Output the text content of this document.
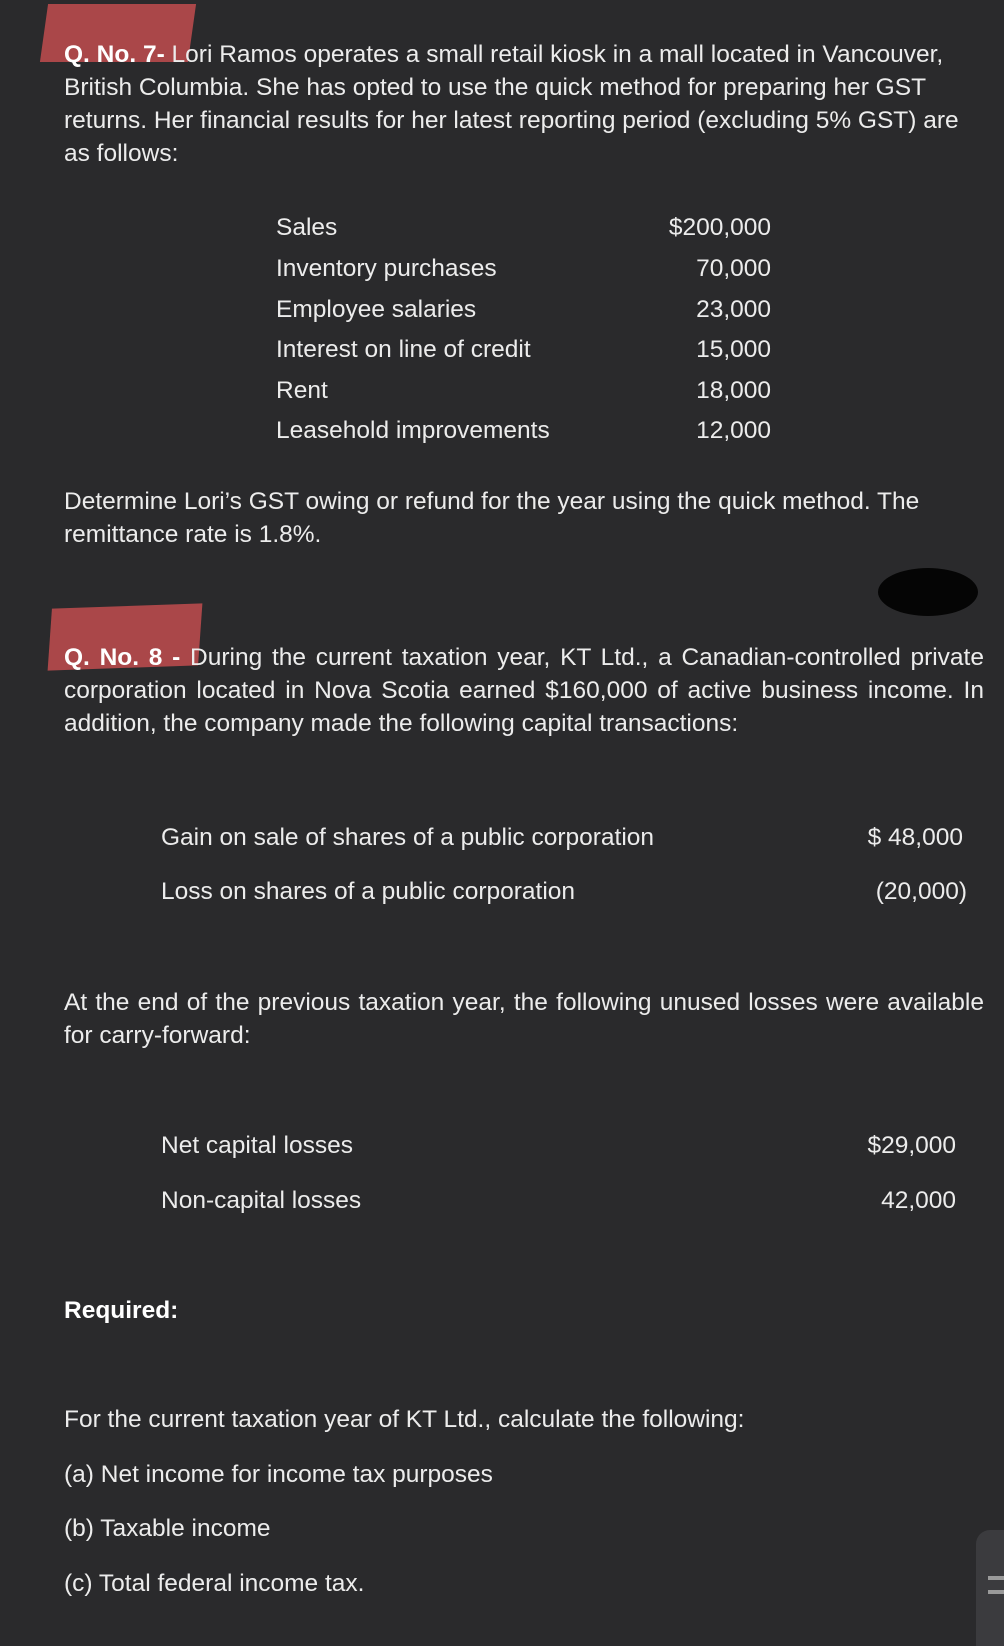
Q. No. 7- Lori Ramos operates a small retail kiosk in a mall located in Vancouver, British Columbia. She has opted to use the quick method for preparing her GST returns. Her financial results for her latest reporting period (excluding 5% GST) are as follows:
Sales	$200,000
Inventory purchases	70,000
Employee salaries	23,000
Interest on line of credit	15,000
Rent	18,000
Leasehold improvements	12,000
Determine Lori’s GST owing or refund for the year using the quick method. The remittance rate is 1.8%.
Q. No. 8 - During the current taxation year, KT Ltd., a Canadian-controlled private corporation located in Nova Scotia earned $160,000 of active business income. In addition, the company made the following capital transactions:
Gain on sale of shares of a public corporation	$ 48,000
Loss on shares of a public corporation	(20,000)
At the end of the previous taxation year, the following unused losses were available for carry-forward:
Net capital losses	$29,000
Non-capital losses	42,000
Required:
For the current taxation year of KT Ltd., calculate the following:
(a) Net income for income tax purposes
(b) Taxable income
(c) Total federal income tax.
